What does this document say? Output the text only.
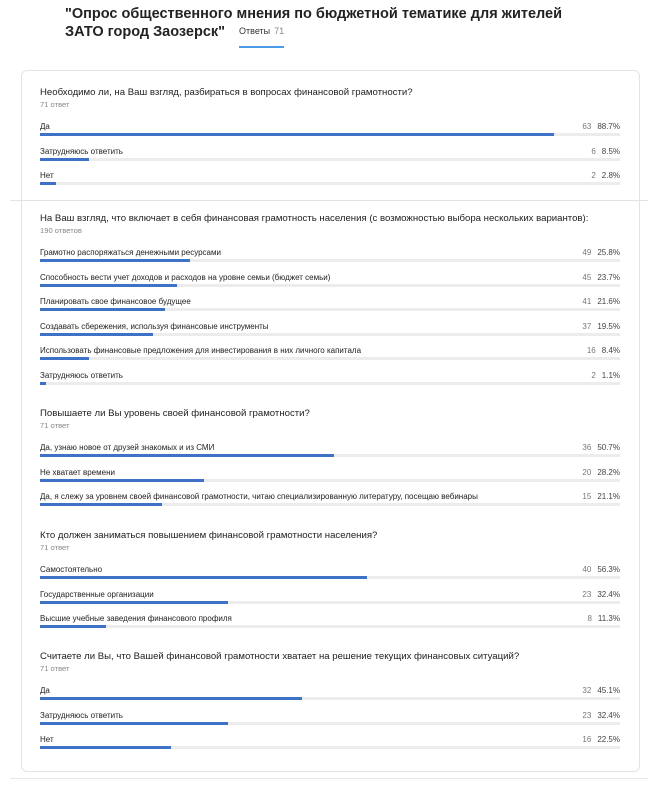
"Опрос общественного мнения по бюджетной тематике для жителей
ЗАТО город Заозерск" Ответы 71
Необходимо ли, на Ваш взгляд, разбираться в вопросах финансовой грамотности?
71 ответ
Да	63 88.7%
Затрудняюсь ответить	6 8.5%
Нет	2 2.8%
На Ваш взгляд, что включает в себя финансовая грамотность населения (с возможностью выбора нескольких вариантов):
190 ответов
Грамотно распоряжаться денежными ресурсами	49 25.8%
Способность вести учет доходов и расходов на уровне семьи (бюджет семьи)	45 23.7%
Планировать свое финансовое будущее	41 21.6%
Создавать сбережения, используя финансовые инструменты	37 19.5%
Использовать финансовые предложения для инвестирования в них личного капитала	16 8.4%
Затрудняюсь ответить	2 1.1%
Повышаете ли Вы уровень своей финансовой грамотности?
71 ответ
Да, узнаю новое от друзей знакомых и из СМИ	36 50.7%
Не хватает времени	20 28.2%
Да, я слежу за уровнем своей финансовой грамотности, читаю специализированную литературу, посещаю вебинары	15 21.1%
Кто должен заниматься повышением финансовой грамотности населения?
71 ответ
Самостоятельно	40 56.3%
Государственные организации	23 32.4%
Высшие учебные заведения финансового профиля	8 11.3%
Считаете ли Вы, что Вашей финансовой грамотности хватает на решение текущих финансовых ситуаций?
71 ответ
Да	32 45.1%
Затрудняюсь ответить	23 32.4%
Нет	16 22.5%
